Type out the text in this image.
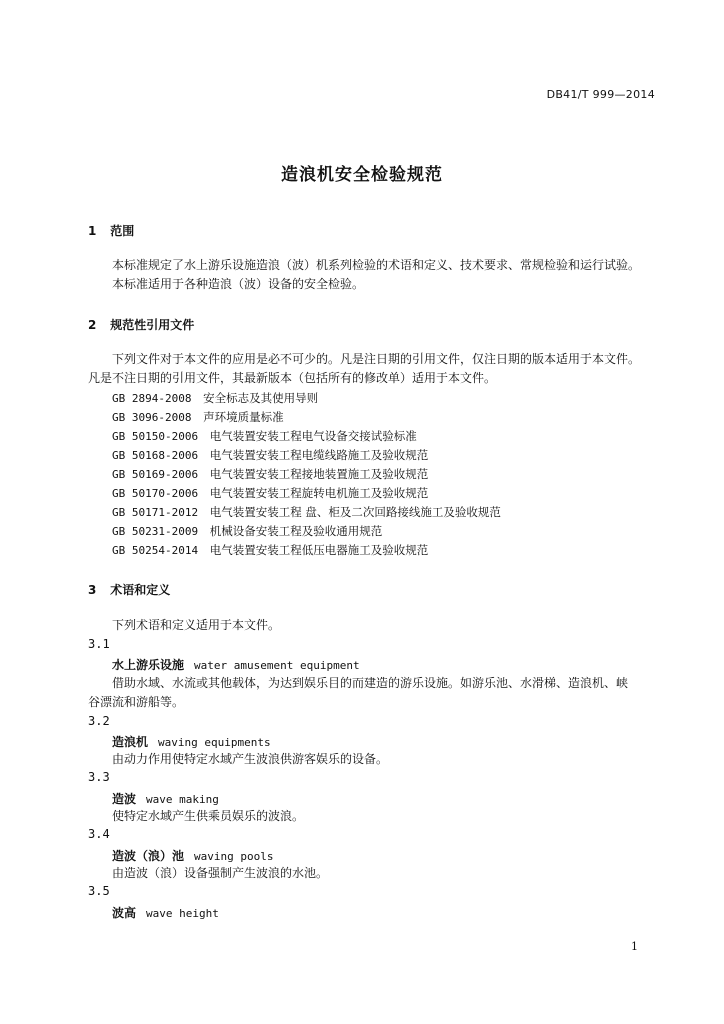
DB41/T 999—2014
造浪机安全检验规范
1 范围
本标准规定了水上游乐设施造浪（波）机系列检验的术语和定义、技术要求、常规检验和运行试验。
本标准适用于各种造浪（波）设备的安全检验。
2 规范性引用文件
下列文件对于本文件的应用是必不可少的。凡是注日期的引用文件，仅注日期的版本适用于本文件。
凡是不注日期的引用文件，其最新版本（包括所有的修改单）适用于本文件。
GB 2894-2008 安全标志及其使用导则
GB 3096-2008 声环境质量标准
GB 50150-2006 电气装置安装工程电气设备交接试验标准
GB 50168-2006 电气装置安装工程电缆线路施工及验收规范
GB 50169-2006 电气装置安装工程接地装置施工及验收规范
GB 50170-2006 电气装置安装工程旋转电机施工及验收规范
GB 50171-2012 电气装置安装工程 盘、柜及二次回路接线施工及验收规范
GB 50231-2009 机械设备安装工程及验收通用规范
GB 50254-2014 电气装置安装工程低压电器施工及验收规范
3 术语和定义
下列术语和定义适用于本文件。
3.1
水上游乐设施 water amusement equipment
借助水域、水流或其他载体，为达到娱乐目的而建造的游乐设施。如游乐池、水滑梯、造浪机、峡
谷漂流和游船等。
3.2
造浪机 waving equipments
由动力作用使特定水域产生波浪供游客娱乐的设备。
3.3
造波 wave making
使特定水域产生供乘员娱乐的波浪。
3.4
造波（浪）池 waving pools
由造波（浪）设备强制产生波浪的水池。
3.5
波高 wave height
1
